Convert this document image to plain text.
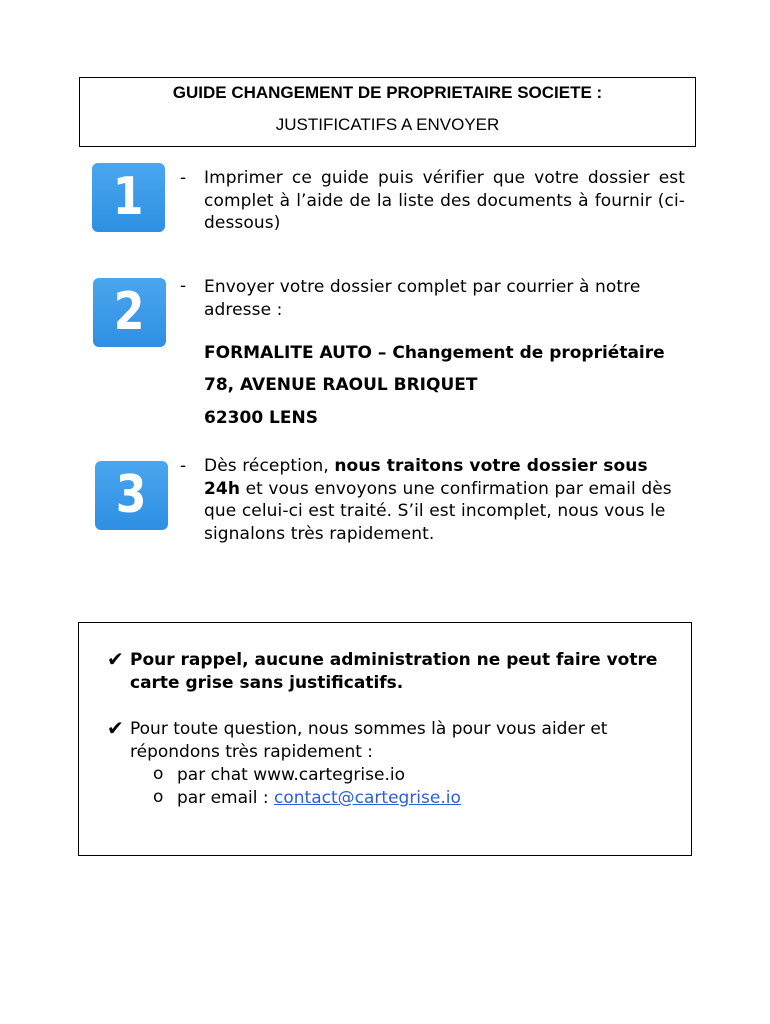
GUIDE CHANGEMENT DE PROPRIETAIRE SOCIETE :
JUSTIFICATIFS A ENVOYER
1	- Imprimer ce guide puis vérifier que votre dossier est complet à l’aide de la liste des documents à fournir (ci-dessous)
2	- Envoyer votre dossier complet par courrier à notre adresse :
FORMALITE AUTO – Changement de propriétaire
78, AVENUE RAOUL BRIQUET
62300 LENS
3	- Dès réception, nous traitons votre dossier sous 24h et vous envoyons une confirmation par email dès que celui-ci est traité. S’il est incomplet, nous vous le signalons très rapidement.
✔ Pour rappel, aucune administration ne peut faire votre carte grise sans justificatifs.
✔ Pour toute question, nous sommes là pour vous aider et répondons très rapidement :
o par chat www.cartegrise.io
o par email : contact@cartegrise.io
